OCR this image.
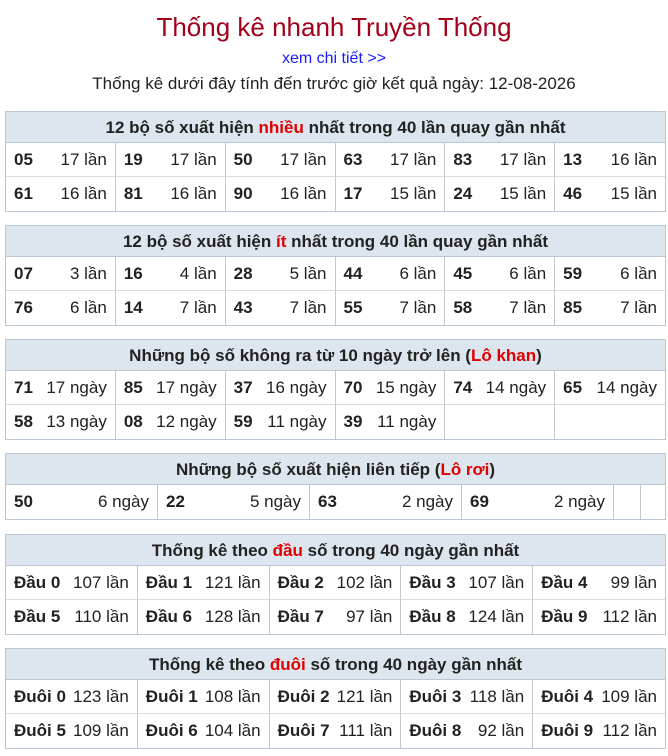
Thống kê nhanh Truyền Thống
xem chi tiết >>
Thống kê dưới đây tính đến trước giờ kết quả ngày: 12-08-2026
12 bộ số xuất hiện nhiều nhất trong 40 lần quay gần nhất
05 17 lần 19 17 lần 50 17 lần 63 17 lần 83 17 lần 13 16 lần
61 16 lần 81 16 lần 90 16 lần 17 15 lần 24 15 lần 46 15 lần
12 bộ số xuất hiện ít nhất trong 40 lần quay gần nhất
07 3 lần 16 4 lần 28 5 lần 44 6 lần 45 6 lần 59 6 lần
76 6 lần 14 7 lần 43 7 lần 55 7 lần 58 7 lần 85 7 lần
Những bộ số không ra từ 10 ngày trở lên (Lô khan)
71 17 ngày 85 17 ngày 37 16 ngày 70 15 ngày 74 14 ngày 65 14 ngày
58 13 ngày 08 12 ngày 59 11 ngày 39 11 ngày
Những bộ số xuất hiện liên tiếp (Lô rơi)
50	6 ngày 22	5 ngày 63	2 ngày 69	2 ngày
Thống kê theo đầu số trong 40 ngày gần nhất
Đầu 0 107 lần Đầu 1 121 lần Đầu 2 102 lần Đầu 3 107 lần Đầu 4 99 lần
Đầu 5 110 lần Đầu 6 128 lần Đầu 7 97 lần Đầu 8 124 lần Đầu 9 112 lần
Thống kê theo đuôi số trong 40 ngày gần nhất
Đuôi 0 123 lần Đuôi 1 108 lần Đuôi 2 121 lần Đuôi 3 118 lần Đuôi 4 109 lần
Đuôi 5 109 lần Đuôi 6 104 lần Đuôi 7 111 lần Đuôi 8 92 lần Đuôi 9 112 lần
